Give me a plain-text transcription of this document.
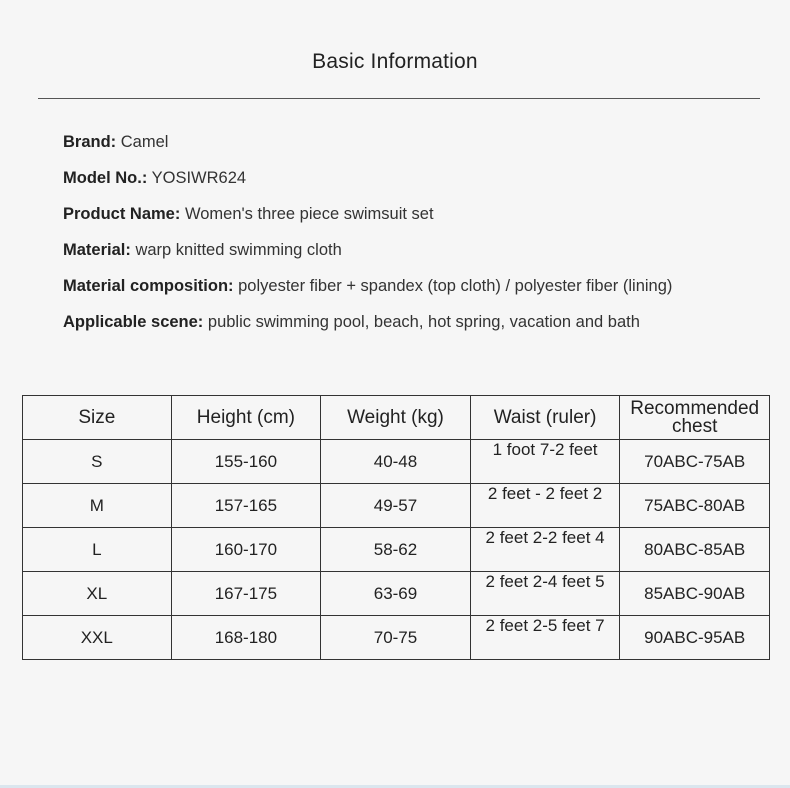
Basic Information
Brand: Camel
Model No.: YOSIWR624
Product Name: Women's three piece swimsuit set
Material: warp knitted swimming cloth
Material composition: polyester fiber + spandex (top cloth) / polyester fiber (lining)
Applicable scene: public swimming pool, beach, hot spring, vacation and bath
Size	Height (cm)	Weight (kg)	Waist (ruler)	Recommended
chest

S	155-160	40-48	1 foot 7-2 feet	70ABC-75AB
M	157-165	49-57	2 feet - 2 feet 2	75ABC-80AB
L	160-170	58-62	2 feet 2-2 feet 4	80ABC-85AB
XL	167-175	63-69	2 feet 2-4 feet 5	85ABC-90AB
XXL	168-180	70-75	2 feet 2-5 feet 7	90ABC-95AB
